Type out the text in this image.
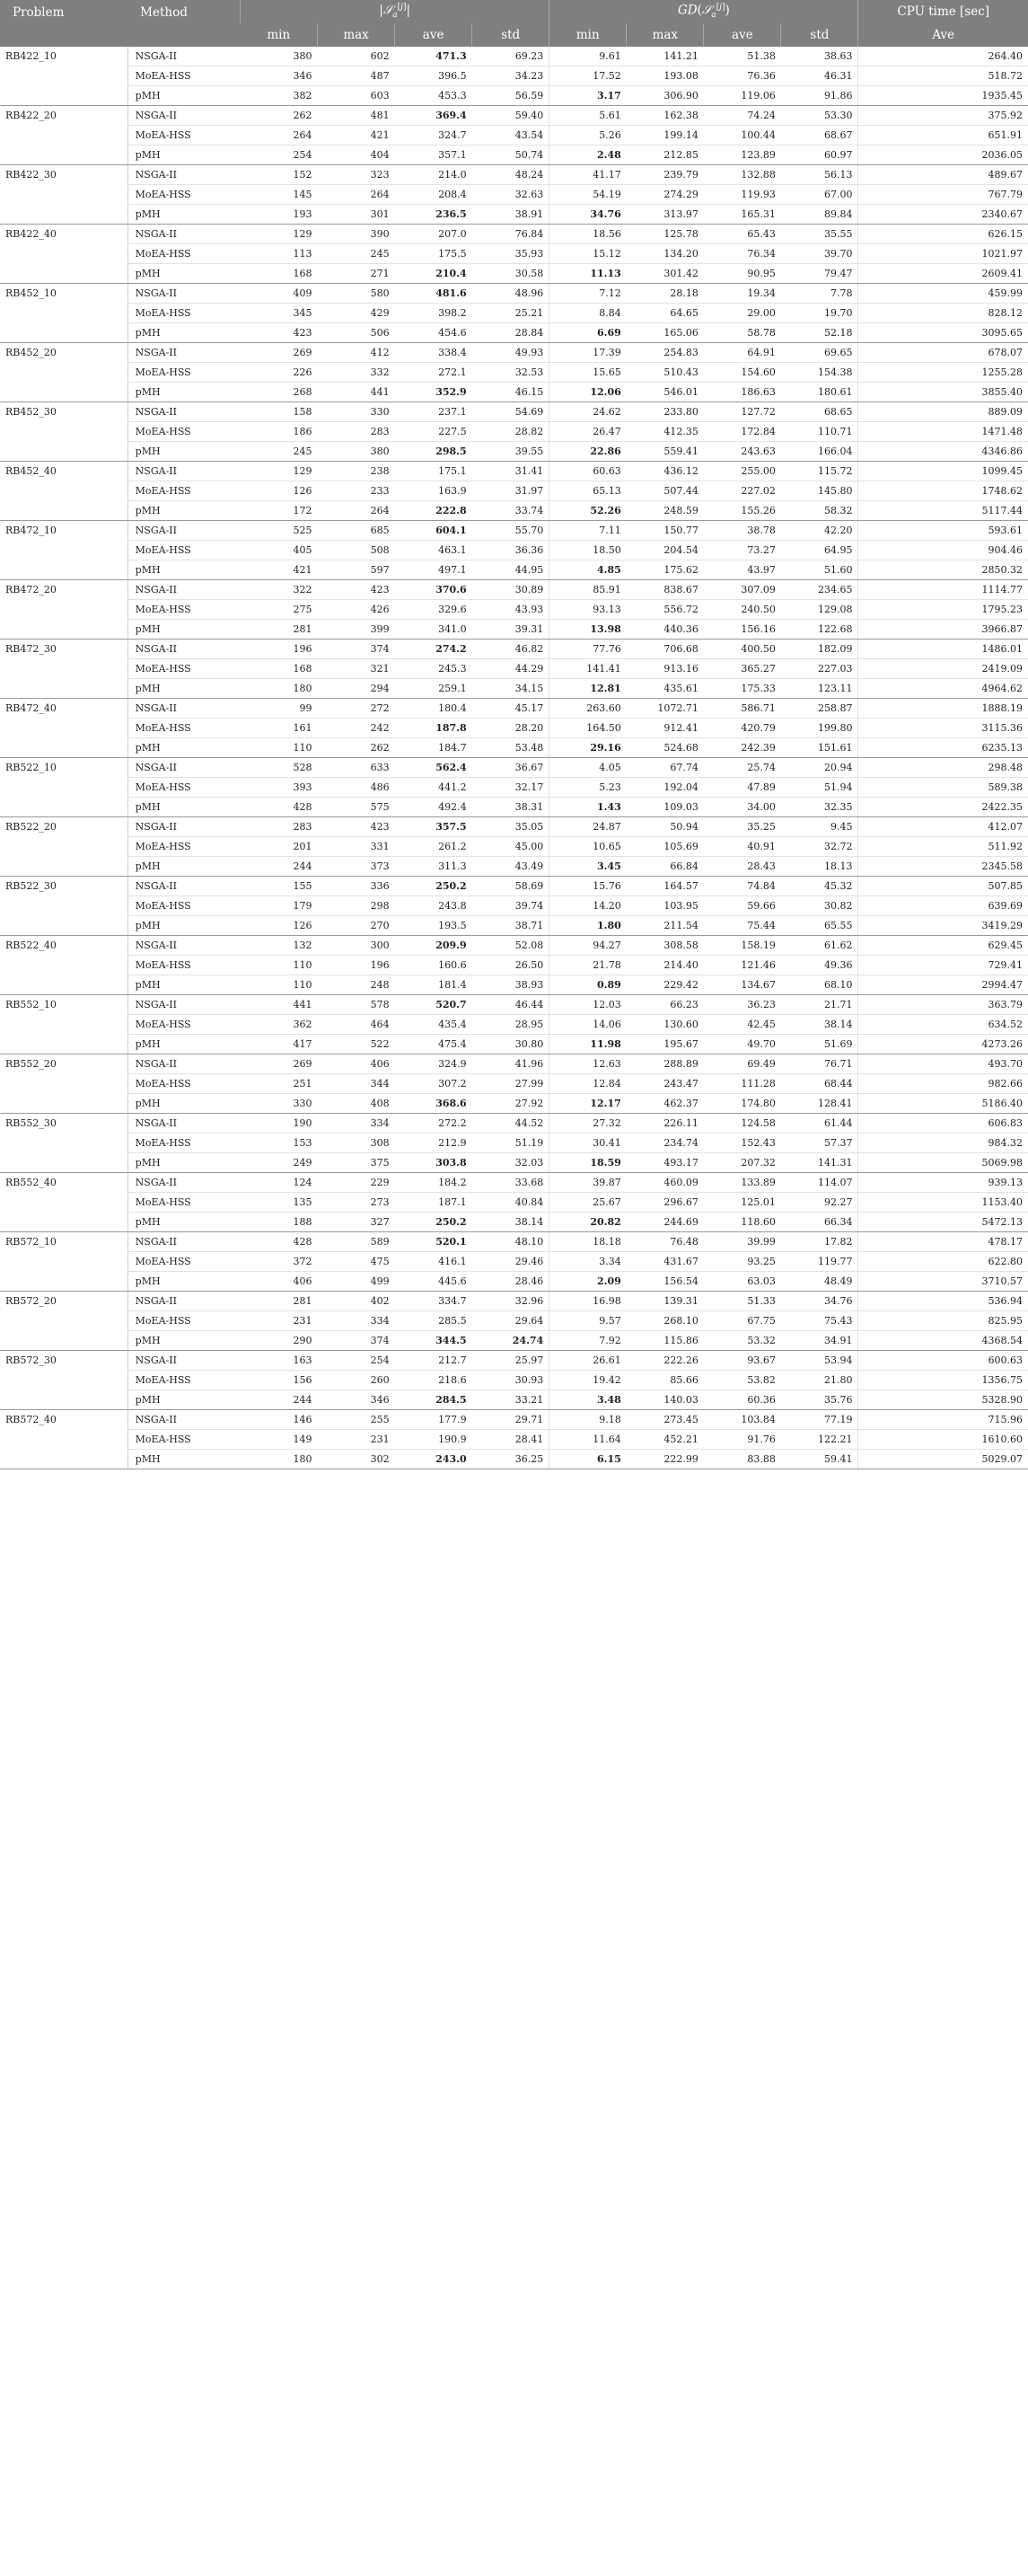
Problem	Method	|𝒮$_a$[j]|				GD(𝒮$_a$[j])				CPU time [sec]
		min	max	ave	std	min	max	ave	std	Ave
RB422_10	NSGA-II	380	602	471.3	69.23	9.61	141.21	51.38	38.63	264.40
	MoEA-HSS	346	487	396.5	34.23	17.52	193.08	76.36	46.31	518.72
	pMH	382	603	453.3	56.59	3.17	306.90	119.06	91.86	1935.45
RB422_20	NSGA-II	262	481	369.4	59.40	5.61	162.38	74.24	53.30	375.92
	MoEA-HSS	264	421	324.7	43.54	5.26	199.14	100.44	68.67	651.91
	pMH	254	404	357.1	50.74	2.48	212.85	123.89	60.97	2036.05
RB422_30	NSGA-II	152	323	214.0	48.24	41.17	239.79	132.88	56.13	489.67
	MoEA-HSS	145	264	208.4	32.63	54.19	274.29	119.93	67.00	767.79
	pMH	193	301	236.5	38.91	34.76	313.97	165.31	89.84	2340.67
RB422_40	NSGA-II	129	390	207.0	76.84	18.56	125.78	65.43	35.55	626.15
	MoEA-HSS	113	245	175.5	35.93	15.12	134.20	76.34	39.70	1021.97
	pMH	168	271	210.4	30.58	11.13	301.42	90.95	79.47	2609.41
RB452_10	NSGA-II	409	580	481.6	48.96	7.12	28.18	19.34	7.78	459.99
	MoEA-HSS	345	429	398.2	25.21	8.84	64.65	29.00	19.70	828.12
	pMH	423	506	454.6	28.84	6.69	165.06	58.78	52.18	3095.65
RB452_20	NSGA-II	269	412	338.4	49.93	17.39	254.83	64.91	69.65	678.07
	MoEA-HSS	226	332	272.1	32.53	15.65	510.43	154.60	154.38	1255.28
	pMH	268	441	352.9	46.15	12.06	546.01	186.63	180.61	3855.40
RB452_30	NSGA-II	158	330	237.1	54.69	24.62	233.80	127.72	68.65	889.09
	MoEA-HSS	186	283	227.5	28.82	26.47	412.35	172.84	110.71	1471.48
	pMH	245	380	298.5	39.55	22.86	559.41	243.63	166.04	4346.86
RB452_40	NSGA-II	129	238	175.1	31.41	60.63	436.12	255.00	115.72	1099.45
	MoEA-HSS	126	233	163.9	31.97	65.13	507.44	227.02	145.80	1748.62
	pMH	172	264	222.8	33.74	52.26	248.59	155.26	58.32	5117.44
RB472_10	NSGA-II	525	685	604.1	55.70	7.11	150.77	38.78	42.20	593.61
	MoEA-HSS	405	508	463.1	36.36	18.50	204.54	73.27	64.95	904.46
	pMH	421	597	497.1	44.95	4.85	175.62	43.97	51.60	2850.32
RB472_20	NSGA-II	322	423	370.6	30.89	85.91	838.67	307.09	234.65	1114.77
	MoEA-HSS	275	426	329.6	43.93	93.13	556.72	240.50	129.08	1795.23
	pMH	281	399	341.0	39.31	13.98	440.36	156.16	122.68	3966.87
RB472_30	NSGA-II	196	374	274.2	46.82	77.76	706.68	400.50	182.09	1486.01
	MoEA-HSS	168	321	245.3	44.29	141.41	913.16	365.27	227.03	2419.09
	pMH	180	294	259.1	34.15	12.81	435.61	175.33	123.11	4964.62
RB472_40	NSGA-II	99	272	180.4	45.17	263.60	1072.71	586.71	258.87	1888.19
	MoEA-HSS	161	242	187.8	28.20	164.50	912.41	420.79	199.80	3115.36
	pMH	110	262	184.7	53.48	29.16	524.68	242.39	151.61	6235.13
RB522_10	NSGA-II	528	633	562.4	36.67	4.05	67.74	25.74	20.94	298.48
	MoEA-HSS	393	486	441.2	32.17	5.23	192.04	47.89	51.94	589.38
	pMH	428	575	492.4	38.31	1.43	109.03	34.00	32.35	2422.35
RB522_20	NSGA-II	283	423	357.5	35.05	24.87	50.94	35.25	9.45	412.07
	MoEA-HSS	201	331	261.2	45.00	10.65	105.69	40.91	32.72	511.92
	pMH	244	373	311.3	43.49	3.45	66.84	28.43	18.13	2345.58
RB522_30	NSGA-II	155	336	250.2	58.69	15.76	164.57	74.84	45.32	507.85
	MoEA-HSS	179	298	243.8	39.74	14.20	103.95	59.66	30.82	639.69
	pMH	126	270	193.5	38.71	1.80	211.54	75.44	65.55	3419.29
RB522_40	NSGA-II	132	300	209.9	52.08	94.27	308.58	158.19	61.62	629.45
	MoEA-HSS	110	196	160.6	26.50	21.78	214.40	121.46	49.36	729.41
	pMH	110	248	181.4	38.93	0.89	229.42	134.67	68.10	2994.47
RB552_10	NSGA-II	441	578	520.7	46.44	12.03	66.23	36.23	21.71	363.79
	MoEA-HSS	362	464	435.4	28.95	14.06	130.60	42.45	38.14	634.52
	pMH	417	522	475.4	30.80	11.98	195.67	49.70	51.69	4273.26
RB552_20	NSGA-II	269	406	324.9	41.96	12.63	288.89	69.49	76.71	493.70
	MoEA-HSS	251	344	307.2	27.99	12.84	243.47	111.28	68.44	982.66
	pMH	330	408	368.6	27.92	12.17	462.37	174.80	128.41	5186.40
RB552_30	NSGA-II	190	334	272.2	44.52	27.32	226.11	124.58	61.44	606.83
	MoEA-HSS	153	308	212.9	51.19	30.41	234.74	152.43	57.37	984.32
	pMH	249	375	303.8	32.03	18.59	493.17	207.32	141.31	5069.98
RB552_40	NSGA-II	124	229	184.2	33.68	39.87	460.09	133.89	114.07	939.13
	MoEA-HSS	135	273	187.1	40.84	25.67	296.67	125.01	92.27	1153.40
	pMH	188	327	250.2	38.14	20.82	244.69	118.60	66.34	5472.13
RB572_10	NSGA-II	428	589	520.1	48.10	18.18	76.48	39.99	17.82	478.17
	MoEA-HSS	372	475	416.1	29.46	3.34	431.67	93.25	119.77	622.80
	pMH	406	499	445.6	28.46	2.09	156.54	63.03	48.49	3710.57
RB572_20	NSGA-II	281	402	334.7	32.96	16.98	139.31	51.33	34.76	536.94
	MoEA-HSS	231	334	285.5	29.64	9.57	268.10	67.75	75.43	825.95
	pMH	290	374	344.5	24.74	7.92	115.86	53.32	34.91	4368.54
RB572_30	NSGA-II	163	254	212.7	25.97	26.61	222.26	93.67	53.94	600.63
	MoEA-HSS	156	260	218.6	30.93	19.42	85.66	53.82	21.80	1356.75
	pMH	244	346	284.5	33.21	3.48	140.03	60.36	35.76	5328.90
RB572_40	NSGA-II	146	255	177.9	29.71	9.18	273.45	103.84	77.19	715.96
	MoEA-HSS	149	231	190.9	28.41	11.64	452.21	91.76	122.21	1610.60
	pMH	180	302	243.0	36.25	6.15	222.99	83.88	59.41	5029.07
